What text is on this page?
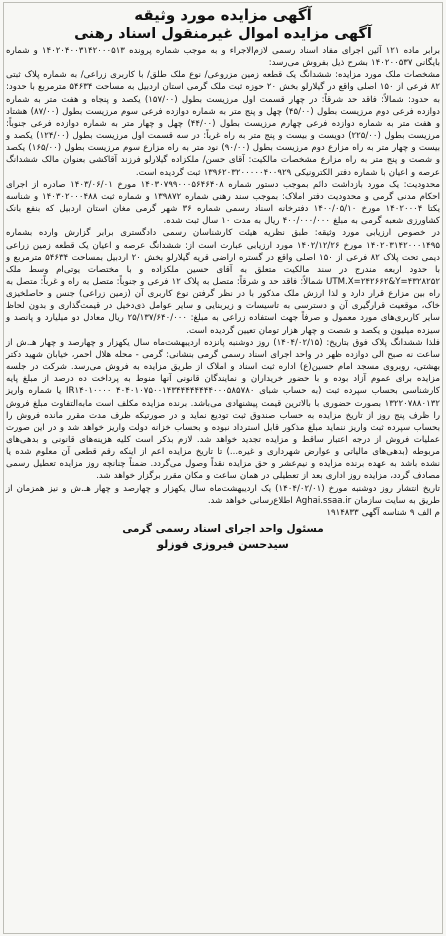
آگهی مزایده مورد وثیقه
آگهی مزایده اموال غیرمنقول اسناد رهنی

برابر ماده ۱۲۱ آئین اجرای مفاد اسناد رسمی لازم‌الاجراء و به موجب شماره پرونده ۱۴۰۲۰۴۰۰۳۱۴۲۰۰۰۵۱۳ و شماره بایگانی ۱۴۰۲۰۰۵۳۷ بشرح ذیل بفروش می‌رسد:

مشخصات ملک مورد مزایده: ششدانگ یک قطعه زمین مزروعی/ نوع ملک طلق/ با کاربری زراعی/ به شماره پلاک ثبتی ۸۲ فرعی از ۱۵۰ اصلی واقع در گیلارلو بخش ۲۰ حوزه ثبت ملک گرمی استان اردبیل به مساحت ۵۴۶۳۴ مترمربع با حدود: به حدود: شمالاً: فاقد حد شرقاً: در چهار قسمت اول مرزیست بطول (۱۵۷/۰۰) یکصد و پنجاه و هفت متر به شماره دوازده فرعی دوم مرزیست بطول (۴۵/۰۰) چهل و پنج متر به شماره دوازده فرعی سوم مرزیست بطول (۸۷/۰۰) هشتاد و هفت متر به شماره دوازده فرعی چهارم مرزیست بطول (۴۴/۰۰) چهل و چهار متر به شماره دوازده فرعی جنوباً: مرزیست بطول (۲۲۵/۰۰) دویست و بیست و پنج متر به راه غرباً: در سه قسمت اول مرزیست بطول (۱۲۴/۰۰) یکصد و بیست و چهار متر به راه مزارع دوم مرزیست بطول (۹۰/۰۰) نود متر به راه مزارع سوم مرزیست بطول (۱۶۵/۰۰) یکصد و شصت و پنج متر به راه مزارع مشخصات مالکیت: آقای حسن/ ملکزاده گیلارلو فرزند آقاکشی بعنوان مالک ششدانگ عرصه و اعیان با شماره دفتر الکترونیکی ۱۳۹۶۲۰۳۲۰۰۰۰۰۴۰۰۹۲۹ ثبت گردیده است.

محدودیت: یک مورد بازداشت دائم بموجب دستور شماره ۱۴۰۳۰۷۹۹۰۰۰۵۶۴۶۴۰۸ مورخ ۱۴۰۳/۰۶/۰۱ صادره از اجرای احکام مدنی گرمی و محدودیت دفتر املاک: بموجب سند رهنی شماره ۱۳۹۸۷۲ و شماره ثبت ۱۴۰۳۰۲۰۰۰۴۸۸ و شناسه یکتا ۱۴۰۲۰۰۰۴ مورخ ۱۴۰۰/۰۵/۱۰ دفترخانه اسناد رسمی شماره ۳۶ شهر گرمی مغان استان اردبیل که بنفع بانک کشاورزی شعبه گرمی به مبلغ ۴۰۰/۰۰۰/۰۰۰ ریال به مدت ۱۰ سال ثبت شده.

در خصوص ارزیابی مورد وثیقه: طبق نظریه هیئت کارشناسان رسمی دادگستری برابر گزارش وارده بشماره ۱۴۰۲۰۳۱۴۲۰۰۰۱۴۹۵ مورخ ۱۴۰۲/۱۲/۲۶ مورد ارزیابی عبارت است از: ششدانگ عرصه و اعیان یک قطعه زمین زراعی دیمی تحت پلاک ۸۲ فرعی از ۱۵۰ اصلی واقع در گستره اراضی قریه گیلارلو بخش ۲۰ اردبیل بمساحت ۵۴۶۳۴ مترمربع و با حدود اربعه مندرج در سند مالکیت متعلق به آقای حسین ملکزاده و با مختصات یوتی‌ام وسط ملک UTM.X=۲۴۲۶۶۲&Y=۴۳۲۸۲۵۲ شمالاً: فاقد حد و شرقاً: متصل به پلاک ۱۲ فرعی و جنوباً: متصل به راه و غرباً: متصل به راه بین مزارع قرار دارد و لذا ارزش ملک مذکور با در نظر گرفتن نوع کاربری آن (زمین زراعی) جنس و حاصلخیزی خاک، موقعیت قرارگیری آن و دسترسی به تاسیسات و زیربنایی و سایر عوامل ذی‌دخیل در قیمت‌گذاری و بدون لحاظ سایر کاربری‌های مورد معمول و صرفاً جهت استفاده زراعی به مبلغ: ۲۵/۱۳۷/۶۴۰/۰۰۰ ریال معادل دو میلیارد و پانصد و سیزده میلیون و یکصد و شصت و چهار هزار تومان تعیین گردیده است.

فلذا ششدانگ پلاک فوق بتاریخ: (۱۴۰۴/۰۲/۱۵) روز دوشنبه پانزده اردیبهشت‌ماه سال یکهزار و چهارصد و چهار هـ.ش از ساعت نه صبح الی دوازده ظهر در واحد اجرای اسناد رسمی گرمی بنشانی: گرمی - محله هلال احمر، خیابان شهید دکتر بهشتی، روبروی مسجد امام حسین(ع) اداره ثبت اسناد و املاک از طریق مزایده به فروش می‌رسد. شرکت در جلسه مزایده برای عموم آزاد بوده و با حضور خریداران و نمایندگان قانونی آنها منوط به پرداخت ده درصد از مبلغ پایه کارشناسی بحساب سپرده ثبت (به حساب شبای IR۱۴۰۱۰۰۰۰ ۴۰۴۰۱۰۷۵۰۰۱۴۳۴۴۴۴۴۴۴۴۰۰۰۵۸۵۷۸۰ یا شماره واریز ۱۳۲۲۰۷۸۸۰۱۳۲ بصورت حضوری با بالاترین قیمت پیشنهادی می‌باشد. برنده مزایده مکلف است مابه‌التفاوت مبلغ فروش را ظرف پنج روز از تاریخ مزایده به حساب صندوق ثبت تودیع نماید و در صورتیکه ظرف مدت مقرر مانده فروش را بحساب سپرده ثبت واریز ننماید مبلغ مذکور قابل استرداد نبوده و بحساب خزانه دولت واریز خواهد شد و در این صورت عملیات فروش از درجه اعتبار ساقط و مزایده تجدید خواهد شد. لازم بذکر است کلیه هزینه‌های قانونی و بدهی‌های مربوطه (بدهی‌های مالیاتی و عوارض شهرداری و غیره...) تا تاریخ مزایده اعم از اینکه رقم قطعی آن معلوم شده یا نشده باشد به عهده برنده مزایده و نیم‌عشر و حق مزایده نقداً وصول می‌گردد. ضمناً چنانچه روز مزایده تعطیل رسمی مصادف گردد، مزایده روز اداری بعد از تعطیلی در همان ساعت و مکان مقرر برگزار خواهد شد.

تاریخ انتشار روز دوشنبه مورخ (۱۴۰۴/۰۲/۰۱) یک اردیبهشت‌ماه سال یکهزار و چهارصد و چهار هـ.ش و نیز همزمان از طریق به سایت سازمان Aghai.ssaa.ir اطلاع‌رسانی خواهد شد.

م الف ۹ شناسه آگهی ۱۹۱۴۸۳۳

مسئول واحد اجرای اسناد رسمی گرمی
سیدحسن فیروزی فوزلو
